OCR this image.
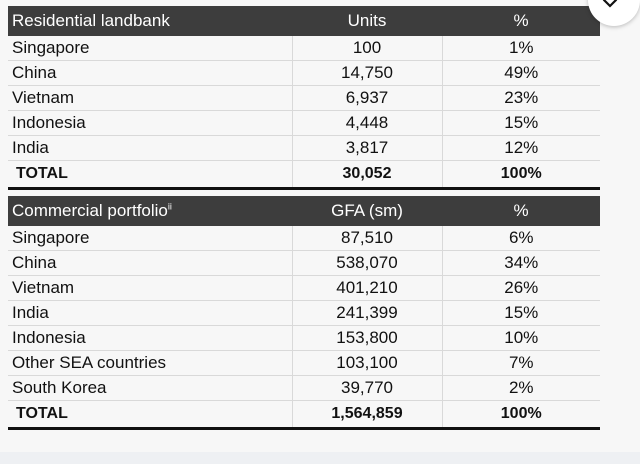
Residential landbank	Units	%
Singapore	100	1%
China	14,750	49%
Vietnam	6,937	23%
Indonesia	4,448	15%
India	3,817	12%
TOTAL	30,052	100%
Commercial portfolio$^{ii}$	GFA (sm)	%
Singapore	87,510	6%
China	538,070	34%
Vietnam	401,210	26%
India	241,399	15%
Indonesia	153,800	10%
Other SEA countries	103,100	7%
South Korea	39,770	2%
TOTAL	1,564,859	100%
